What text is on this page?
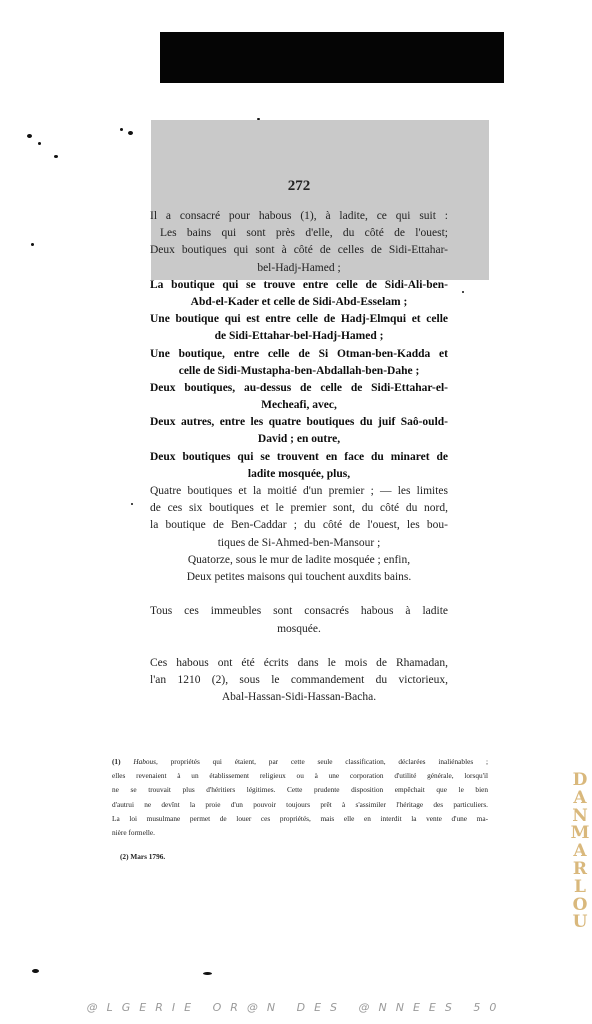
272
Il a consacré pour habous (1), à ladite, ce qui suit :
Les bains qui sont près d'elle, du côté de l'ouest;
Deux boutiques qui sont à côté de celles de Sidi-Ettahar-
bel-Hadj-Hamed ;
La boutique qui se trouve entre celle de Sidi-Ali-ben-
Abd-el-Kader et celle de Sidi-Abd-Esselam ;
Une boutique qui est entre celle de Hadj-Elmqui et celle
de Sidi-Ettahar-bel-Hadj-Hamed ;
Une boutique, entre celle de Si Otman-ben-Kadda et
celle de Sidi-Mustapha-ben-Abdallah-ben-Dahe ;
Deux boutiques, au-dessus de celle de Sidi-Ettahar-el-
Mecheafi, avec,
Deux autres, entre les quatre boutiques du juif Saô-ould-
David ; en outre,
Deux boutiques qui se trouvent en face du minaret de
ladite mosquée, plus,
Quatre boutiques et la moitié d'un premier ; — les limites
de ces six boutiques et le premier sont, du côté du nord,
la boutique de Ben-Caddar ; du côté de l'ouest, les bou-
tiques de Si-Ahmed-ben-Mansour ;
Quatorze, sous le mur de ladite mosquée ; enfin,
Deux petites maisons qui touchent auxdits bains.
Tous ces immeubles sont consacrés habous à ladite
mosquée.
Ces habous ont été écrits dans le mois de Rhamadan,
l'an 1210 (2), sous le commandement du victorieux,
Abal-Hassan-Sidi-Hassan-Bacha.
(1) Habous, propriétés qui étaient, par cette seule classification, déclarées inaliénables ;
elles revenaient à un établissement religieux ou à une corporation d'utilité générale, lorsqu'il
ne se trouvait plus d'héritiers légitimes. Cette prudente disposition empêchait que le bien
d'autrui ne devînt la proie d'un pouvoir toujours prêt à s'assimiler l'héritage des particuliers.
La loi musulmane permet de louer ces propriétés, mais elle en interdit la vente d'une ma-
nière formelle.
(2) Mars 1796.
DANMARLOU
@LGERIE OR@N DES @NNEES 50
